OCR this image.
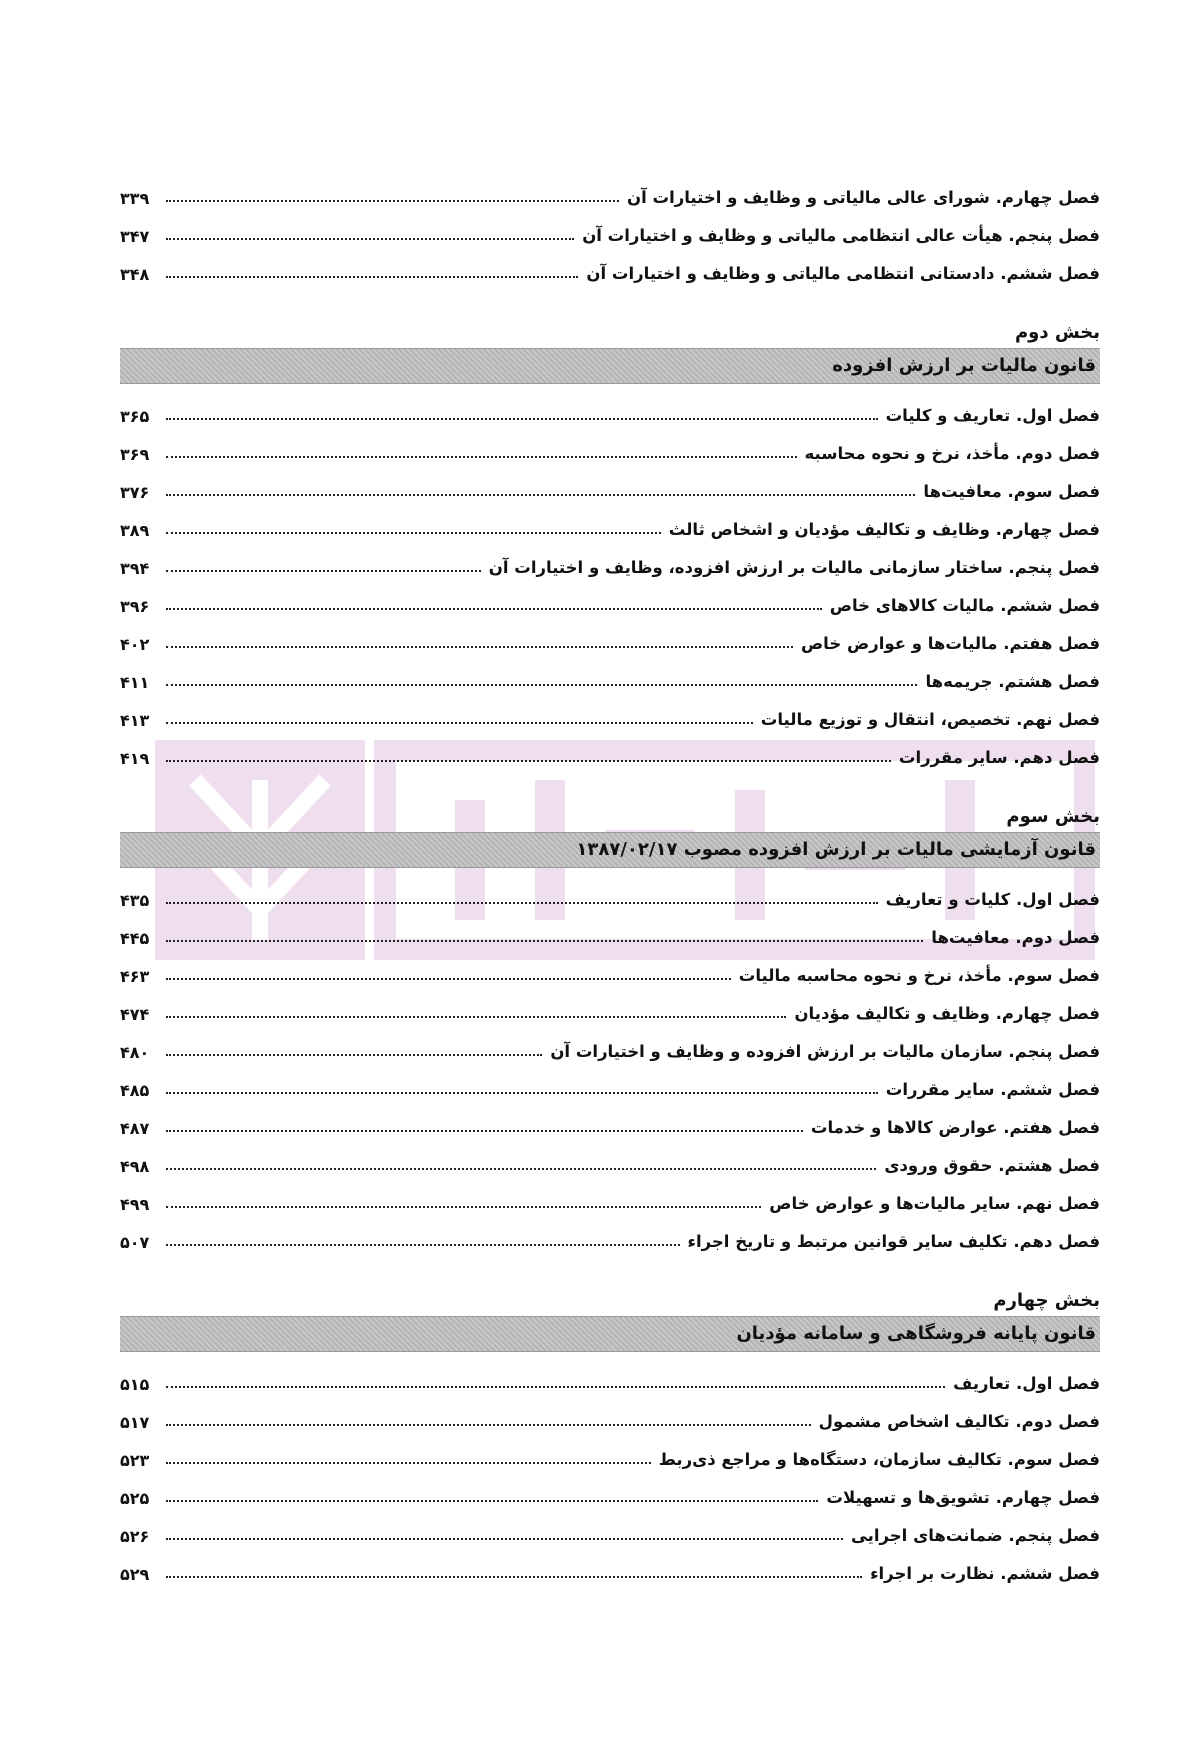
فصل چهارم. شورای عالی مالیاتی و وظایف و اختیارات آن
۳۳۹
فصل پنجم. هیأت عالی انتظامی مالیاتی و وظایف و اختیارات آن
۳۴۷
فصل ششم. دادستانی انتظامی مالیاتی و وظایف و اختیارات آن
۳۴۸
بخش دوم
قانون مالیات بر ارزش افزوده
فصل اول. تعاریف و کلیات
۳۶۵
فصل دوم. مأخذ، نرخ و نحوه محاسبه
۳۶۹
فصل سوم. معافیت‌ها
۳۷۶
فصل چهارم. وظایف و تکالیف مؤدیان و اشخاص ثالث
۳۸۹
فصل پنجم. ساختار سازمانی مالیات بر ارزش افزوده، وظایف و اختیارات آن
۳۹۴
فصل ششم. مالیات کالاهای خاص
۳۹۶
فصل هفتم. مالیات‌ها و عوارض خاص
۴۰۲
فصل هشتم. جریمه‌ها
۴۱۱
فصل نهم. تخصیص، انتقال و توزیع مالیات
۴۱۳
فصل دهم. سایر مقررات
۴۱۹
بخش سوم
قانون آزمایشی مالیات بر ارزش افزوده مصوب ۱۳۸۷/۰۲/۱۷
فصل اول. کلیات و تعاریف
۴۳۵
فصل دوم. معافیت‌ها
۴۴۵
فصل سوم. مأخذ، نرخ و نحوه محاسبه مالیات
۴۶۳
فصل چهارم. وظایف و تکالیف مؤدیان
۴۷۴
فصل پنجم. سازمان مالیات بر ارزش افزوده و وظایف و اختیارات آن
۴۸۰
فصل ششم. سایر مقررات
۴۸۵
فصل هفتم. عوارض کالاها و خدمات
۴۸۷
فصل هشتم. حقوق ورودی
۴۹۸
فصل نهم. سایر مالیات‌ها و عوارض خاص
۴۹۹
فصل دهم. تکلیف سایر قوانین مرتبط و تاریخ اجراء
۵۰۷
بخش چهارم
قانون پایانه فروشگاهی و سامانه مؤدیان
فصل اول. تعاریف
۵۱۵
فصل دوم. تکالیف اشخاص مشمول
۵۱۷
فصل سوم. تکالیف سازمان، دستگاه‌ها و مراجع ذی‌ربط
۵۲۳
فصل چهارم. تشویق‌ها و تسهیلات
۵۲۵
فصل پنجم. ضمانت‌های اجرایی
۵۲۶
فصل ششم. نظارت بر اجراء
۵۲۹
